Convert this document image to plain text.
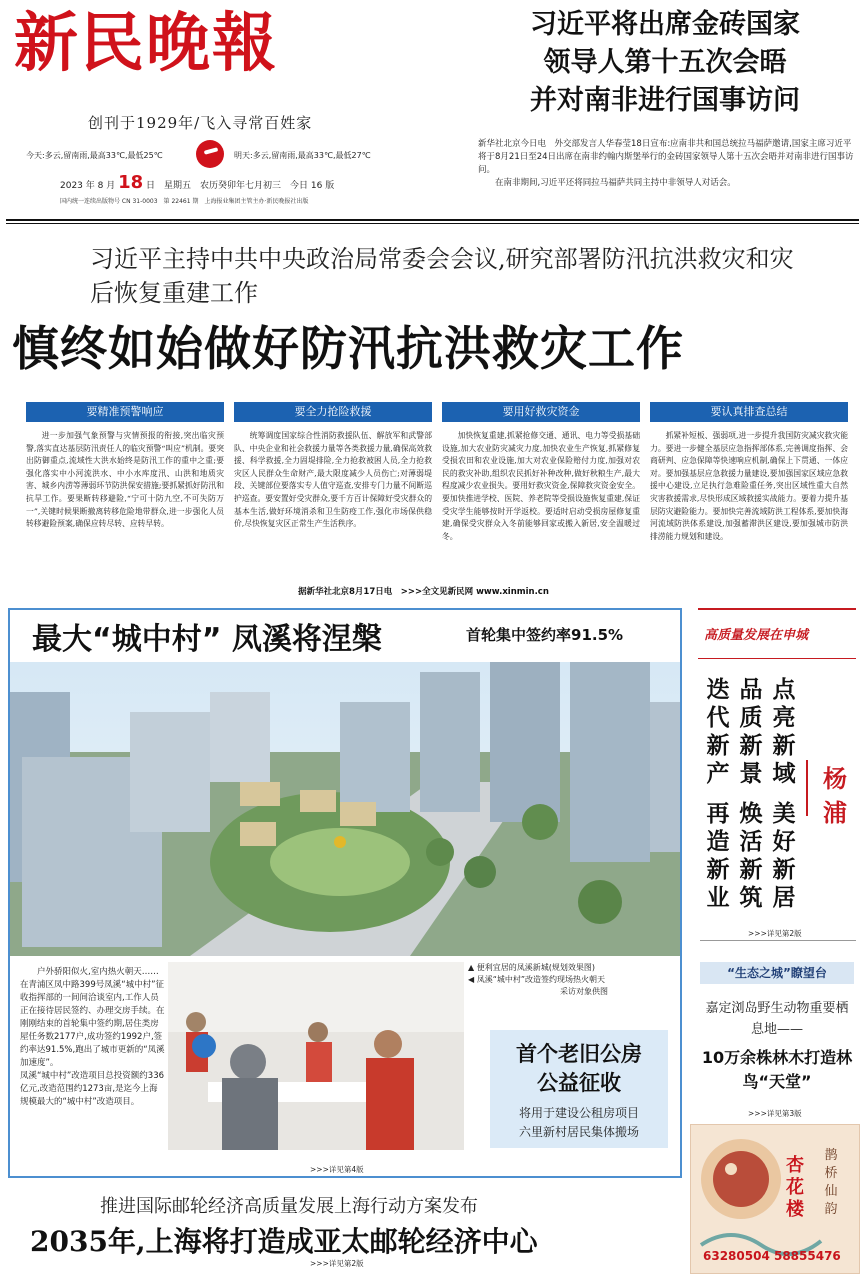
新民晚報
创刊于1929年/飞入寻常百姓家
今天:多云,留南雨,最高33℃,最低25℃	明天:多云,留南雨,最高33℃,最低27℃
2023 年 8 月 18 日　星期五　农历癸卯年七月初三　今日 16 版
国内统一连续出版物号 CN 31-0003　第 22461 期　上海报业集团主管主办·新民晚报社出版
习近平将出席金砖国家
领导人第十五次会晤
并对南非进行国事访问
新华社北京今日电　外交部发言人华春莹18日宣布:应南非共和国总统拉马福萨邀请,国家主席习近平将于8月21日至24日出席在南非约翰内斯堡举行的金砖国家领导人第十五次会晤并对南非进行国事访问。
在南非期间,习近平还将同拉马福萨共同主持中非领导人对话会。
习近平主持中共中央政治局常委会会议,研究部署防汛抗洪救灾和灾后恢复重建工作
慎终如始做好防汛抗洪救灾工作
要精准预警响应
进一步加强气象预警与灾情预报的衔接,突出临灾预警,落实直达基层防汛责任人的临灾预警“叫应”机制。要突出防御重点,流域性大洪水始终是防汛工作的重中之重;要强化落实中小河流洪水、中小水库度汛、山洪和地质灾害、城乡内涝等薄弱环节防洪保安措施;要抓紧抓好防汛和抗旱工作。要果断转移避险,“宁可十防九空,不可失防万一”,关键时候果断撤离转移危险地带群众,进一步强化人员转移避险预案,确保应转尽转、应转早转。
要全力抢险救援
统筹调度国家综合性消防救援队伍、解放军和武警部队、中央企业和社会救援力量等各类救援力量,确保高效救援、科学救援,全力固堤排险,全力抢救被困人员,全力抢救灾区人民群众生命财产,最大限度减少人员伤亡;对薄弱堤段、关键部位要落实专人值守巡查,安排专门力量不间断巡护巡查。要安置好受灾群众,要千方百计保障好受灾群众的基本生活,做好环境消杀和卫生防疫工作,强化市场保供稳价,尽快恢复灾区正常生产生活秩序。
要用好救灾资金
加快恢复重建,抓紧抢修交通、通讯、电力等受损基础设施,加大农业防灾减灾力度,加快农业生产恢复,抓紧修复受损农田和农业设施,加大对农业保险赔付力度,加强对农民的救灾补助,组织农民抓好补种改种,做好秋粮生产,最大程度减少农业损失。要用好救灾资金,保障救灾资金安全。要加快推进学校、医院、养老院等受损设施恢复重建,保证受灾学生能够按时开学返校。要适时启动受损房屋修复重建,确保受灾群众入冬前能够回家或搬入新居,安全温暖过冬。
要认真排查总结
抓紧补短板、强弱项,进一步提升我国防灾减灾救灾能力。要进一步健全基层应急指挥部体系,完善调度指挥、会商研判、应急保障等快速响应机制,确保上下贯通、一体应对。要加强基层应急救援力量建设,要加强国家区域应急救援中心建设,立足执行急难险重任务,突出区域性重大自然灾害救援需求,尽快形成区域救援实战能力。要着力提升基层防灾避险能力。要加快完善流域防洪工程体系,要加快海河流域防洪体系建设,加强蓄滞洪区建设,要加强城市防洪排涝能力规划和建设。
据新华社北京8月17日电　>>>全文见新民网 www.xinmin.cn
最大“城中村” 凤溪将涅槃	首轮集中签约率91.5%
户外骄阳似火,室内热火朝天……在青浦区凤中路399号凤溪“城中村”征收指挥部的一间间洽谈室内,工作人员正在接待居民签约、办理交房手续。在刚刚结束的首轮集中签约期,居住类房屋任务数2177户,成功签约1992户,签约率达91.5%,跑出了城市更新的“凤溪加速度”。
凤溪“城中村”改造项目总投资额约336亿元,改造范围约1273亩,是迄今上海规模最大的“城中村”改造项目。
▲ 便利宜居的凤溪新城(规划效果图)
◀ 凤溪“城中村”改造签约现场热火朝天
采访对象供图
首个老旧公房公益征收
将用于建设公租房项目六里新村居民集体搬场
>>>详见第4版
高质量发展在申城
点亮新域
品质新景
迭代新产
美好新居
焕活新筑
再造新业
杨浦
>>>详见第2版
“生态之城”瞭望台
嘉定浏岛野生动物重要栖息地——
10万余株林木打造林鸟“天堂”
>>>详见第3版
杏花楼
鹊桥仙韵
63280504 58855476
推进国际邮轮经济高质量发展上海行动方案发布
2035年,上海将打造成亚太邮轮经济中心
>>>详见第2版
